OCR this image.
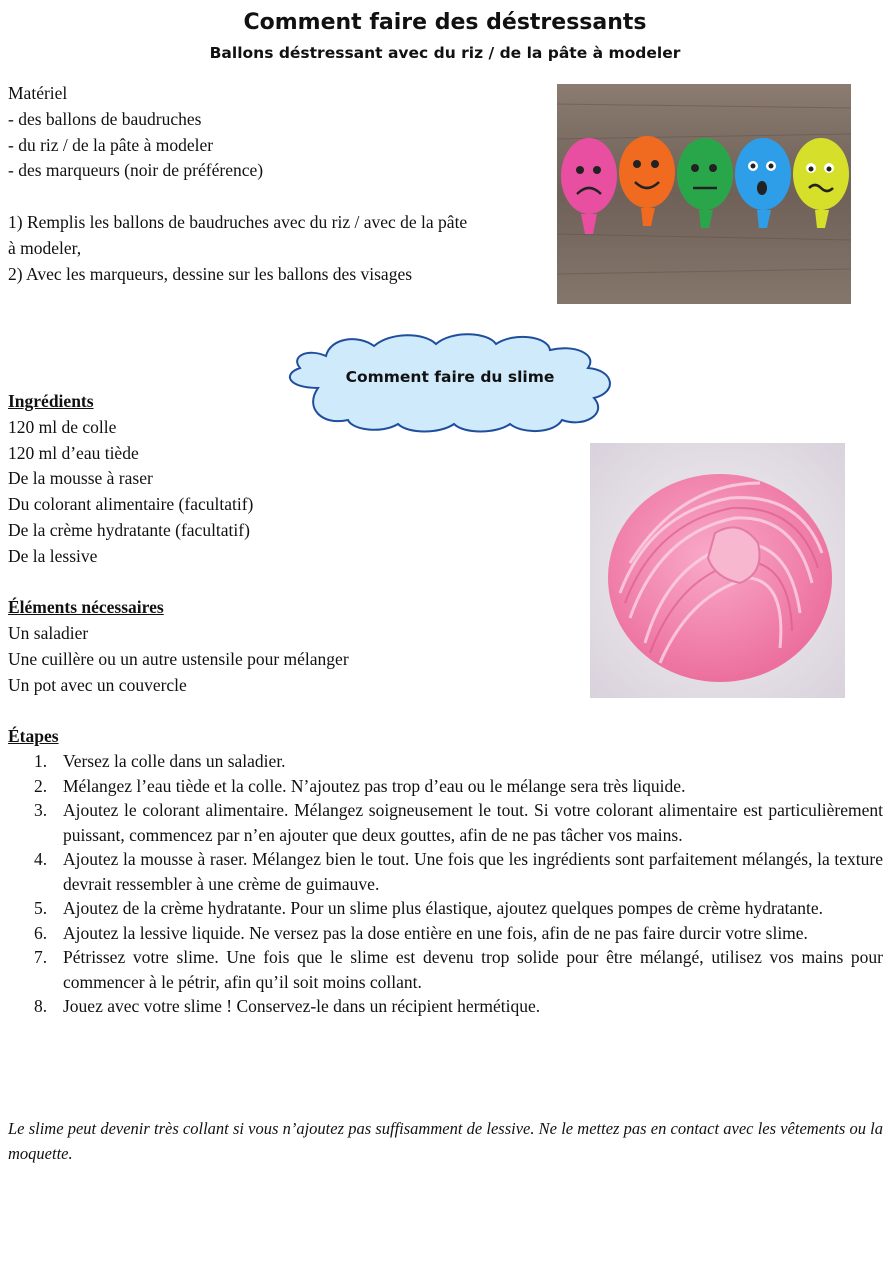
Comment faire des déstressants
Ballons déstressant avec du riz / de la pâte à modeler
Matériel
- des ballons de baudruches
- du riz / de la pâte à modeler
- des marqueurs (noir de préférence)

1) Remplis les ballons de baudruches avec du riz / avec de la pâte
à modeler,
2) Avec les marqueurs, dessine sur les ballons des visages
Comment faire du slime
Ingrédients
120 ml de colle
120 ml d’eau tiède
De la mousse à raser
Du colorant alimentaire (facultatif)
De la crème hydratante (facultatif)
De la lessive

Éléments nécessaires
Un saladier
Une cuillère ou un autre ustensile pour mélanger
Un pot avec un couvercle

Étapes
1. Versez la colle dans un saladier.
2. Mélangez l’eau tiède et la colle. N’ajoutez pas trop d’eau ou le mélange sera très liquide.
3. Ajoutez le colorant alimentaire. Mélangez soigneusement le tout. Si votre colorant alimentaire est particulièrement puissant, commencez par n’en ajouter que deux gouttes, afin de ne pas tâcher vos mains.
4. Ajoutez la mousse à raser. Mélangez bien le tout. Une fois que les ingrédients sont parfaitement mélangés, la texture devrait ressembler à une crème de guimauve.
5. Ajoutez de la crème hydratante. Pour un slime plus élastique, ajoutez quelques pompes de crème hydratante.
6. Ajoutez la lessive liquide. Ne versez pas la dose entière en une fois, afin de ne pas faire durcir votre slime.
7. Pétrissez votre slime. Une fois que le slime est devenu trop solide pour être mélangé, utilisez vos mains pour commencer à le pétrir, afin qu’il soit moins collant.
8. Jouez avec votre slime ! Conservez-le dans un récipient hermétique.
Le slime peut devenir très collant si vous n’ajoutez pas suffisamment de lessive. Ne le mettez pas en contact avec les vêtements ou la moquette.
